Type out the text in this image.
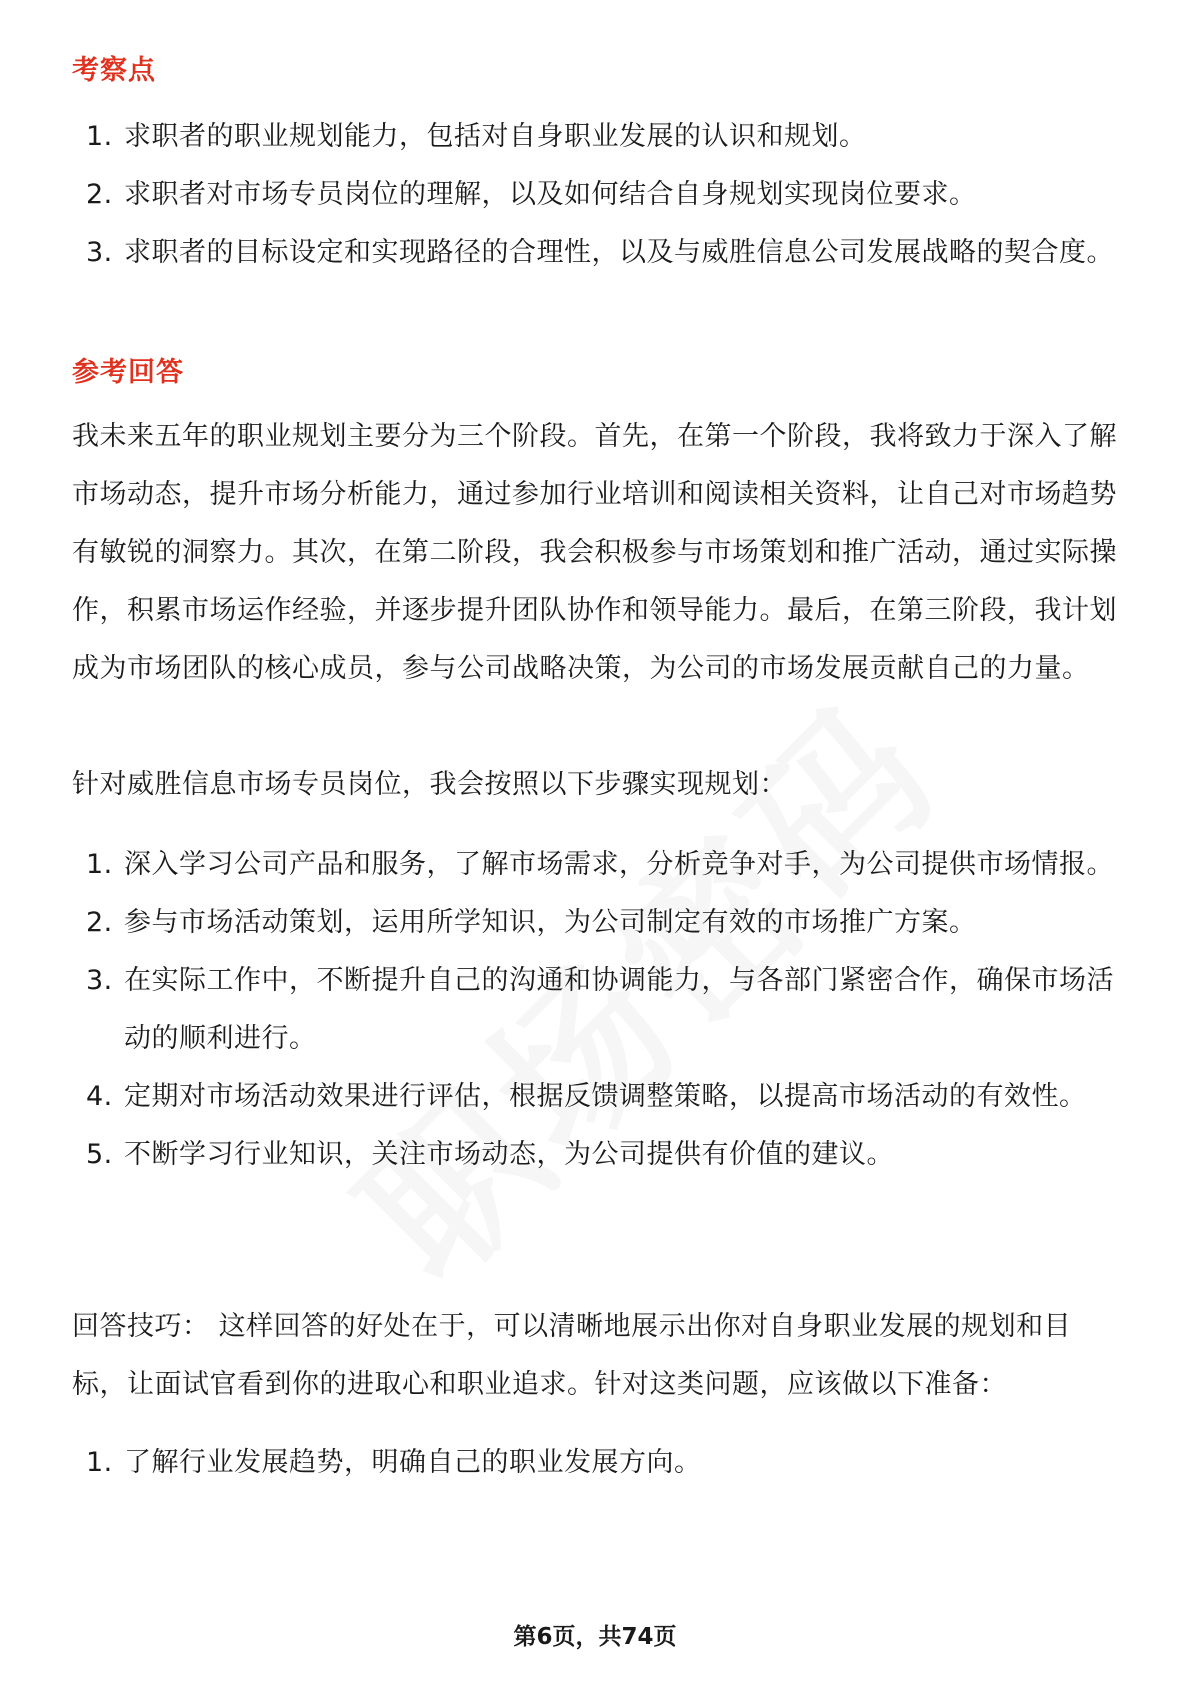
考察点
1. 求职者的职业规划能力，包括对自身职业发展的认识和规划。
2. 求职者对市场专员岗位的理解，以及如何结合自身规划实现岗位要求。
3. 求职者的目标设定和实现路径的合理性，以及与威胜信息公司发展战略的契合度。
参考回答

我未来五年的职业规划主要分为三个阶段。首先，在第一个阶段，我将致力于深入了解市场动态，提升市场分析能力，通过参加行业培训和阅读相关资料，让自己对市场趋势有敏锐的洞察力。其次，在第二阶段，我会积极参与市场策划和推广活动，通过实际操作，积累市场运作经验，并逐步提升团队协作和领导能力。最后，在第三阶段，我计划成为市场团队的核心成员，参与公司战略决策，为公司的市场发展贡献自己的力量。

针对威胜信息市场专员岗位，我会按照以下步骤实现规划：

1. 深入学习公司产品和服务，了解市场需求，分析竞争对手，为公司提供市场情报。
2. 参与市场活动策划，运用所学知识，为公司制定有效的市场推广方案。
3. 在实际工作中，不断提升自己的沟通和协调能力，与各部门紧密合作，确保市场活动的顺利进行。
4. 定期对市场活动效果进行评估，根据反馈调整策略，以提高市场活动的有效性。
5. 不断学习行业知识，关注市场动态，为公司提供有价值的建议。

回答技巧： 这样回答的好处在于，可以清晰地展示出你对自身职业发展的规划和目标，让面试官看到你的进取心和职业追求。针对这类问题，应该做以下准备：

1. 了解行业发展趋势，明确自己的职业发展方向。
第6页，共74页
